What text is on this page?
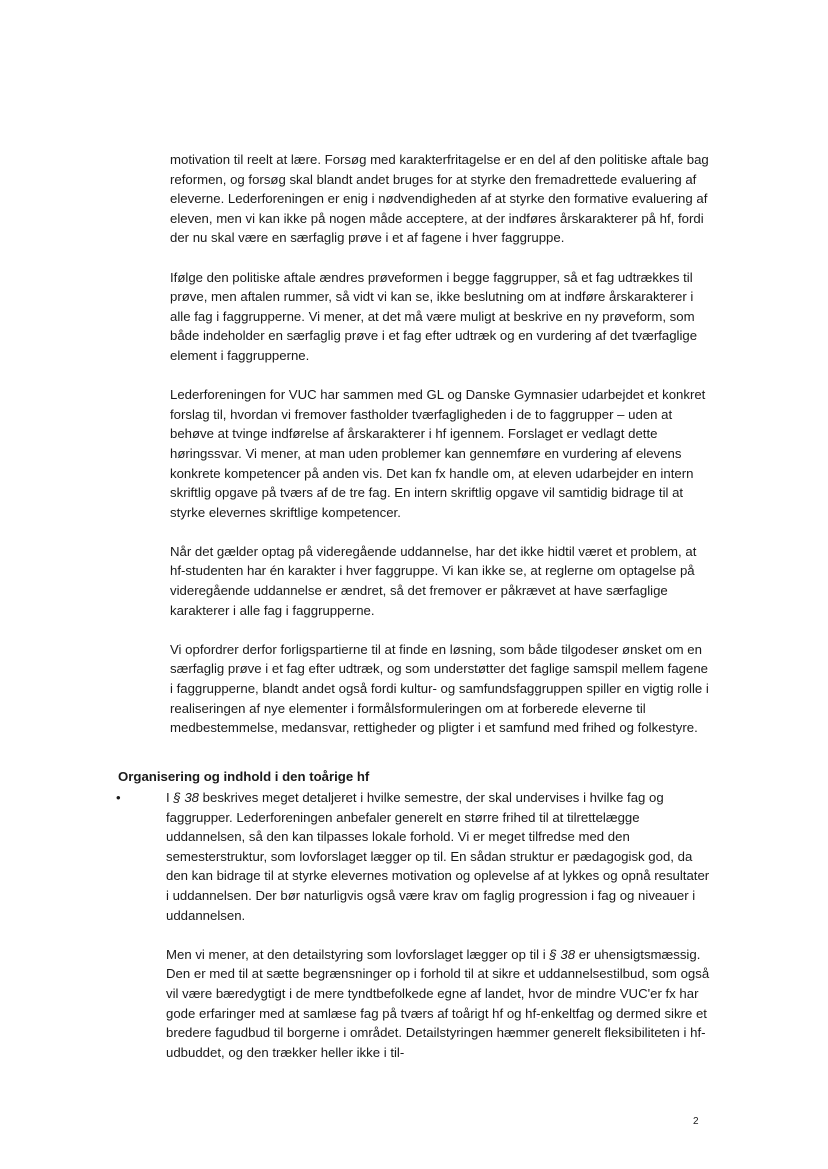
motivation til reelt at lære. Forsøg med karakterfritagelse er en del af den politiske aftale bag reformen, og forsøg skal blandt andet bruges for at styrke den fremadrettede evaluering af eleverne. Lederforeningen er enig i nødvendigheden af at styrke den formative evaluering af eleven, men vi kan ikke på nogen måde acceptere, at der indføres årskarakterer på hf, fordi der nu skal være en særfaglig prøve i et af fagene i hver faggruppe.

Ifølge den politiske aftale ændres prøveformen i begge faggrupper, så et fag udtrækkes til prøve, men aftalen rummer, så vidt vi kan se, ikke beslutning om at indføre årskarakterer i alle fag i faggrupperne. Vi mener, at det må være muligt at beskrive en ny prøveform, som både indeholder en særfaglig prøve i et fag efter udtræk og en vurdering af det tværfaglige element i faggrupperne.

Lederforeningen for VUC har sammen med GL og Danske Gymnasier udarbejdet et konkret forslag til, hvordan vi fremover fastholder tværfagligheden i de to faggrupper – uden at behøve at tvinge indførelse af årskarakterer i hf igennem. Forslaget er vedlagt dette høringssvar. Vi mener, at man uden problemer kan gennemføre en vurdering af elevens konkrete kompetencer på anden vis. Det kan fx handle om, at eleven udarbejder en intern skriftlig opgave på tværs af de tre fag. En intern skriftlig opgave vil samtidig bidrage til at styrke elevernes skriftlige kompetencer.

Når det gælder optag på videregående uddannelse, har det ikke hidtil været et problem, at hf-studenten har én karakter i hver faggruppe. Vi kan ikke se, at reglerne om optagelse på videregående uddannelse er ændret, så det fremover er påkrævet at have særfaglige karakterer i alle fag i faggrupperne.

Vi opfordrer derfor forligspartierne til at finde en løsning, som både tilgodeser ønsket om en særfaglig prøve i et fag efter udtræk, og som understøtter det faglige samspil mellem fagene i faggrupperne, blandt andet også fordi kultur- og samfundsfaggruppen spiller en vigtig rolle i realiseringen af nye elementer i formålsformuleringen om at forberede eleverne til medbestemmelse, medansvar, rettigheder og pligter i et samfund med frihed og folkestyre.

Organisering og indhold i den toårige hf
•	I § 38 beskrives meget detaljeret i hvilke semestre, der skal undervises i hvilke fag og faggrupper. Lederforeningen anbefaler generelt en større frihed til at tilrettelægge uddannelsen, så den kan tilpasses lokale forhold. Vi er meget tilfredse med den semesterstruktur, som lovforslaget lægger op til. En sådan struktur er pædagogisk god, da den kan bidrage til at styrke elevernes motivation og oplevelse af at lykkes og opnå resultater i uddannelsen. Der bør naturligvis også være krav om faglig progression i fag og niveauer i uddannelsen.

Men vi mener, at den detailstyring som lovforslaget lægger op til i § 38 er uhensigtsmæssig. Den er med til at sætte begrænsninger op i forhold til at sikre et uddannelsestilbud, som også vil være bæredygtigt i de mere tyndtbefolkede egne af landet, hvor de mindre VUC'er fx har gode erfaringer med at samlæse fag på tværs af toårigt hf og hf-enkeltfag og dermed sikre et bredere fagudbud til borgerne i området. Detailstyringen hæmmer generelt fleksibiliteten i hf-udbuddet, og den trækker heller ikke i til-

2
